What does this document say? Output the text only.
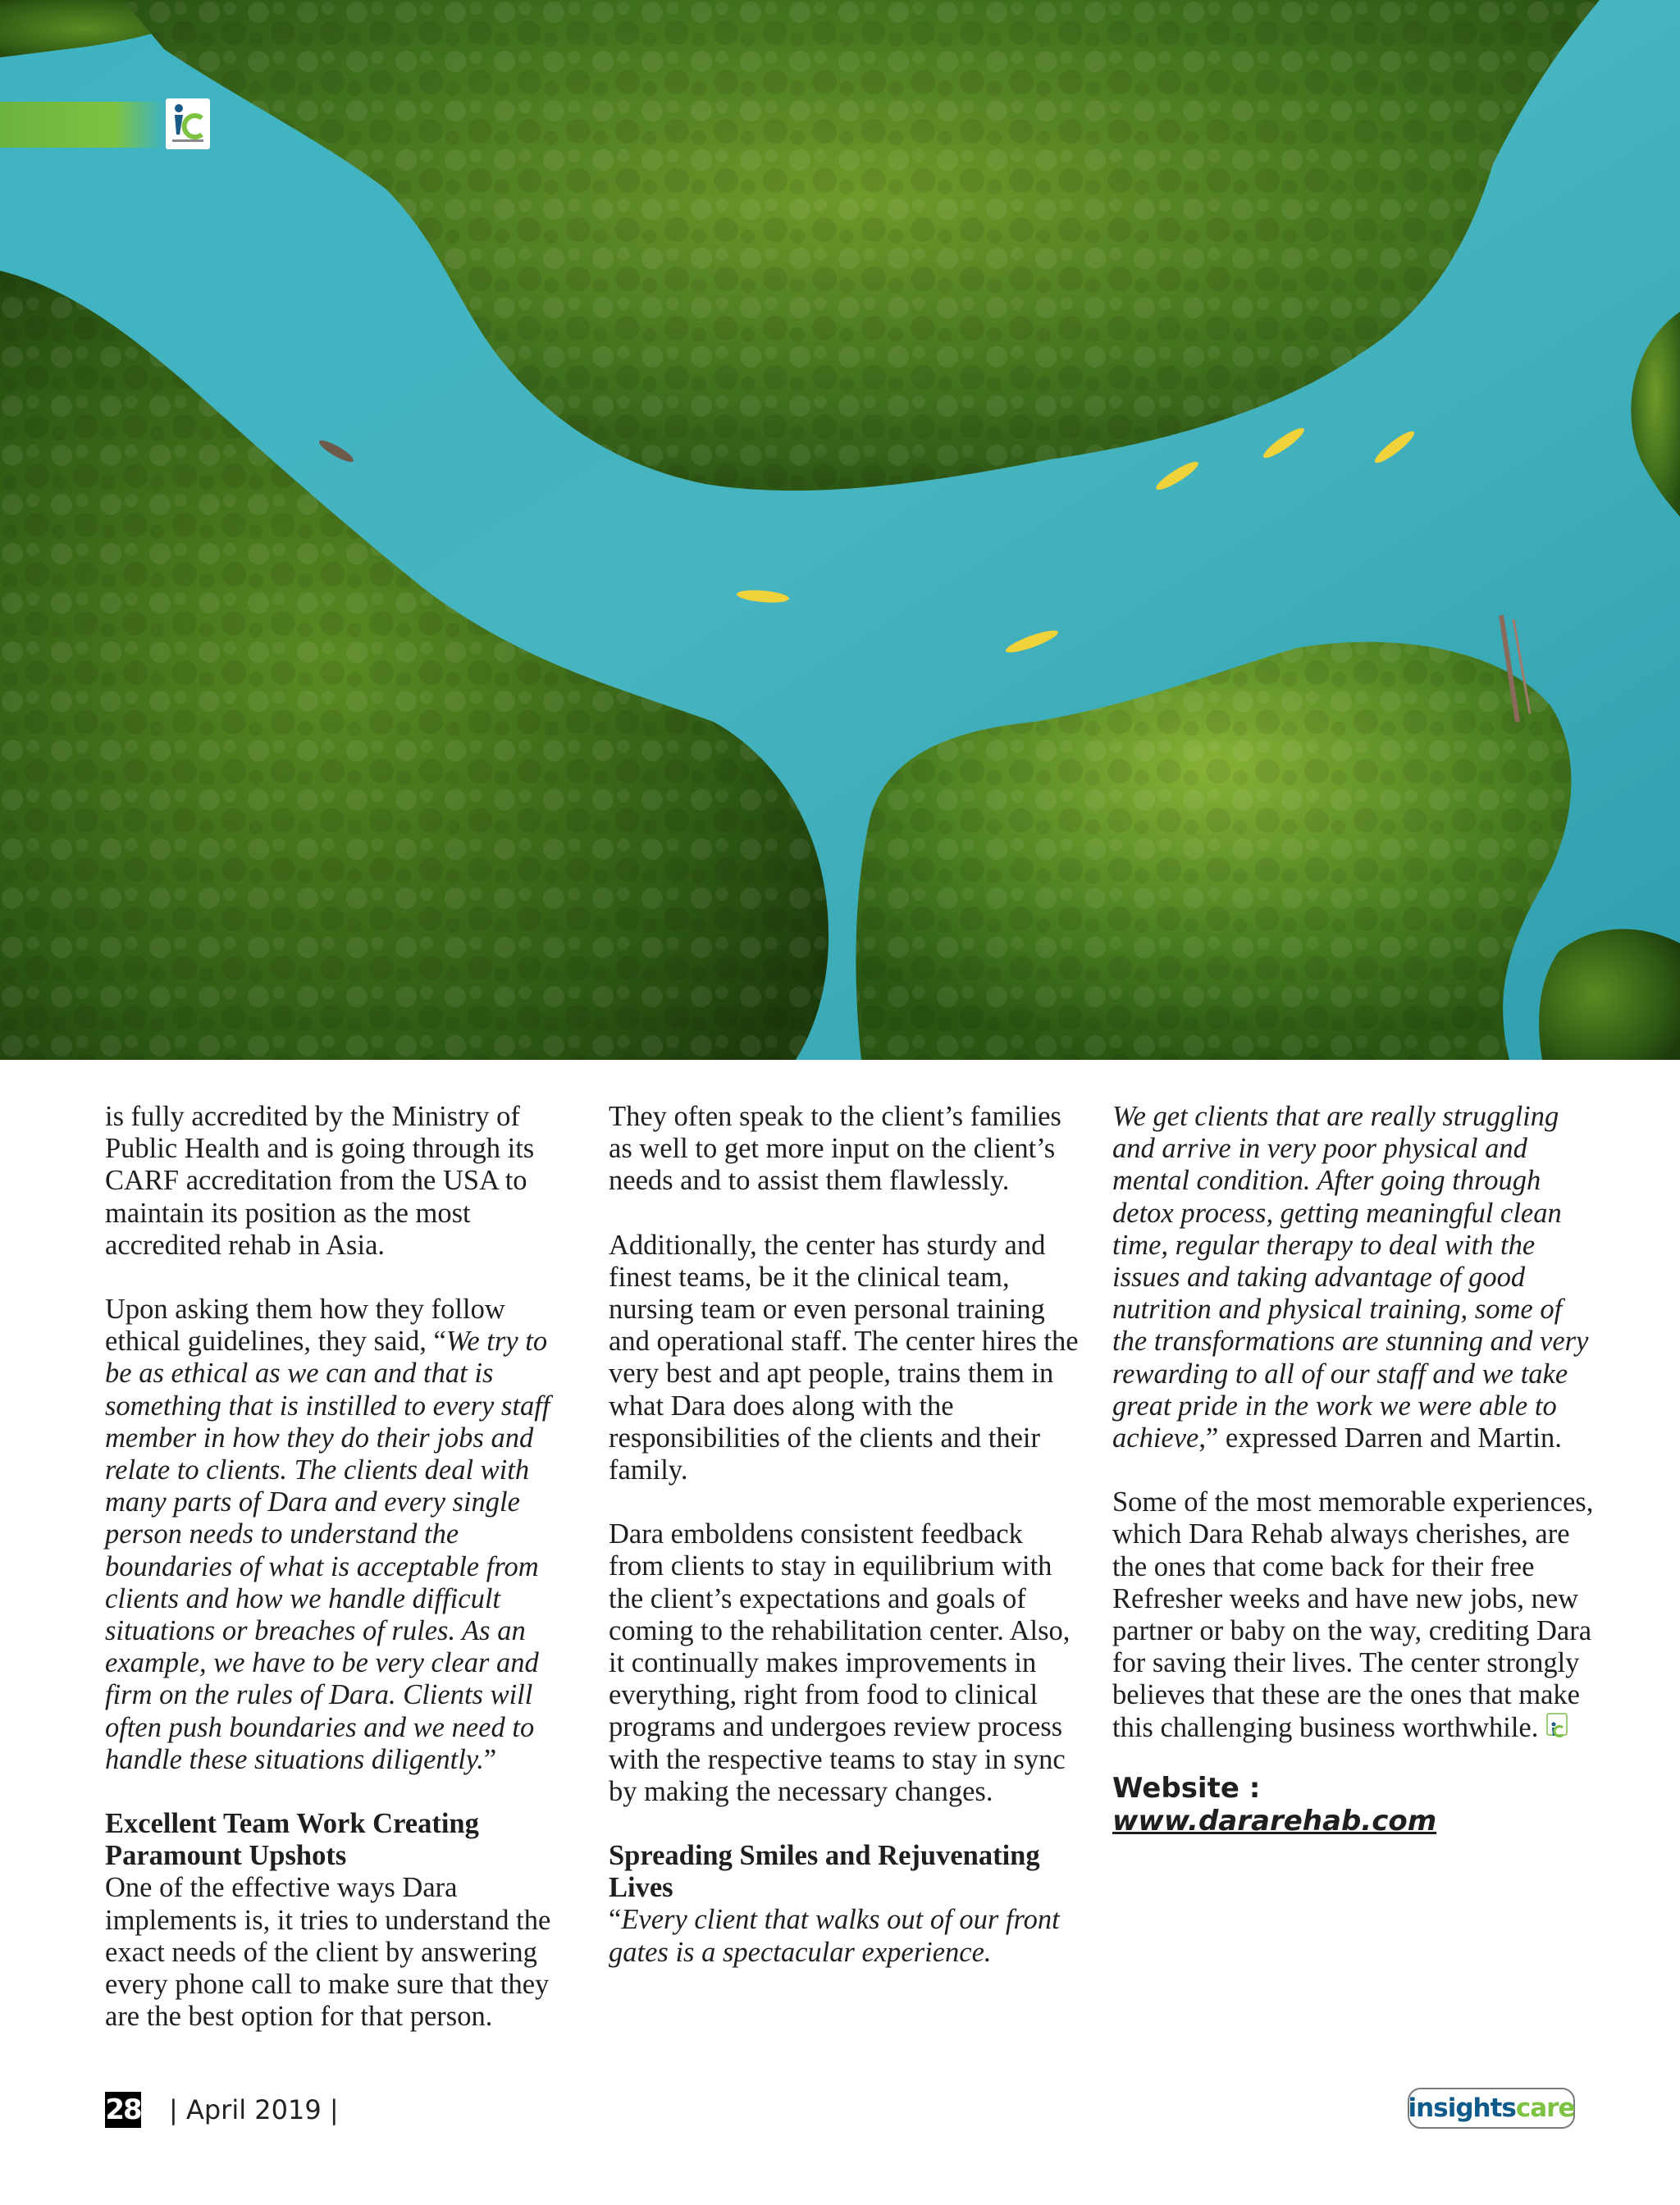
is fully accredited by the Ministry of Public Health and is going through its CARF accreditation from the USA to maintain its position as the most accredited rehab in Asia.

Upon asking them how they follow ethical guidelines, they said, “We try to be as ethical as we can and that is something that is instilled to every staff member in how they do their jobs and relate to clients. The clients deal with many parts of Dara and every single person needs to understand the boundaries of what is acceptable from clients and how we handle difficult situations or breaches of rules. As an example, we have to be very clear and firm on the rules of Dara. Clients will often push boundaries and we need to handle these situations diligently.”

Excellent Team Work Creating Paramount Upshots

One of the effective ways Dara implements is, it tries to understand the exact needs of the client by answering every phone call to make sure that they are the best option for that person.

They often speak to the client’s families as well to get more input on the client’s needs and to assist them flawlessly.

Additionally, the center has sturdy and finest teams, be it the clinical team, nursing team or even personal training and operational staff. The center hires the very best and apt people, trains them in what Dara does along with the responsibilities of the clients and their family.

Dara emboldens consistent feedback from clients to stay in equilibrium with the client’s expectations and goals of coming to the rehabilitation center. Also, it continually makes improvements in everything, right from food to clinical programs and undergoes review process with the respective teams to stay in sync by making the necessary changes.

Spreading Smiles and Rejuvenating Lives

“Every client that walks out of our front gates is a spectacular experience.

We get clients that are really struggling and arrive in very poor physical and mental condition. After going through detox process, getting meaningful clean time, regular therapy to deal with the issues and taking advantage of good nutrition and physical training, some of the transformations are stunning and very rewarding to all of our staff and we take great pride in the work we were able to achieve,” expressed Darren and Martin.

Some of the most memorable experiences, which Dara Rehab always cherishes, are the ones that come back for their free Refresher weeks and have new jobs, new partner or baby on the way, crediting Dara for saving their lives. The center strongly believes that these are the ones that make this challenging business worthwhile.

Website :
www.dararehab.com
28 | April 2019 |	insights care
